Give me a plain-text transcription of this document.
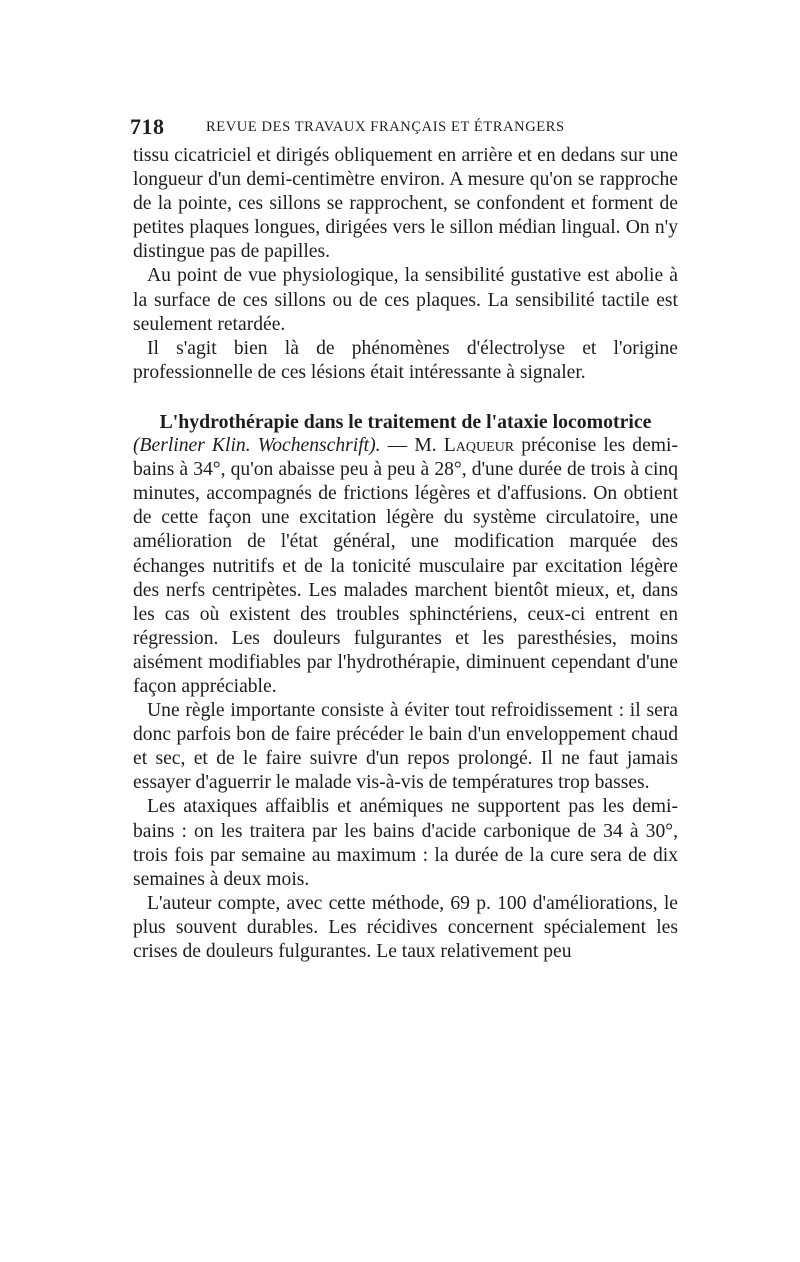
718	REVUE DES TRAVAUX FRANÇAIS ET ÉTRANGERS

tissu cicatriciel et dirigés obliquement en arrière et en dedans sur une longueur d'un demi-centimètre environ. A mesure qu'on se rapproche de la pointe, ces sillons se rapprochent, se confondent et forment de petites plaques longues, dirigées vers le sillon médian lingual. On n'y distingue pas de papilles.

Au point de vue physiologique, la sensibilité gustative est abolie à la surface de ces sillons ou de ces plaques. La sensibilité tactile est seulement retardée.

Il s'agit bien là de phénomènes d'électrolyse et l'origine professionnelle de ces lésions était intéressante à signaler.

L'hydrothérapie dans le traitement de l'ataxie locomotrice

(Berliner Klin. Wochenschrift). — M. Laqueur préconise les demi-bains à 34°, qu'on abaisse peu à peu à 28°, d'une durée de trois à cinq minutes, accompagnés de frictions légères et d'affusions. On obtient de cette façon une excitation légère du système circulatoire, une amélioration de l'état général, une modification marquée des échanges nutritifs et de la tonicité musculaire par excitation légère des nerfs centripètes. Les malades marchent bientôt mieux, et, dans les cas où existent des troubles sphinctériens, ceux-ci entrent en régression. Les douleurs fulgurantes et les paresthésies, moins aisément modifiables par l'hydrothérapie, diminuent cependant d'une façon appréciable.

Une règle importante consiste à éviter tout refroidissement : il sera donc parfois bon de faire précéder le bain d'un enveloppement chaud et sec, et de le faire suivre d'un repos prolongé. Il ne faut jamais essayer d'aguerrir le malade vis-à-vis de températures trop basses.

Les ataxiques affaiblis et anémiques ne supportent pas les demi-bains : on les traitera par les bains d'acide carbonique de 34 à 30°, trois fois par semaine au maximum : la durée de la cure sera de dix semaines à deux mois.

L'auteur compte, avec cette méthode, 69 p. 100 d'améliorations, le plus souvent durables. Les récidives concernent spécialement les crises de douleurs fulgurantes. Le taux relativement peu
